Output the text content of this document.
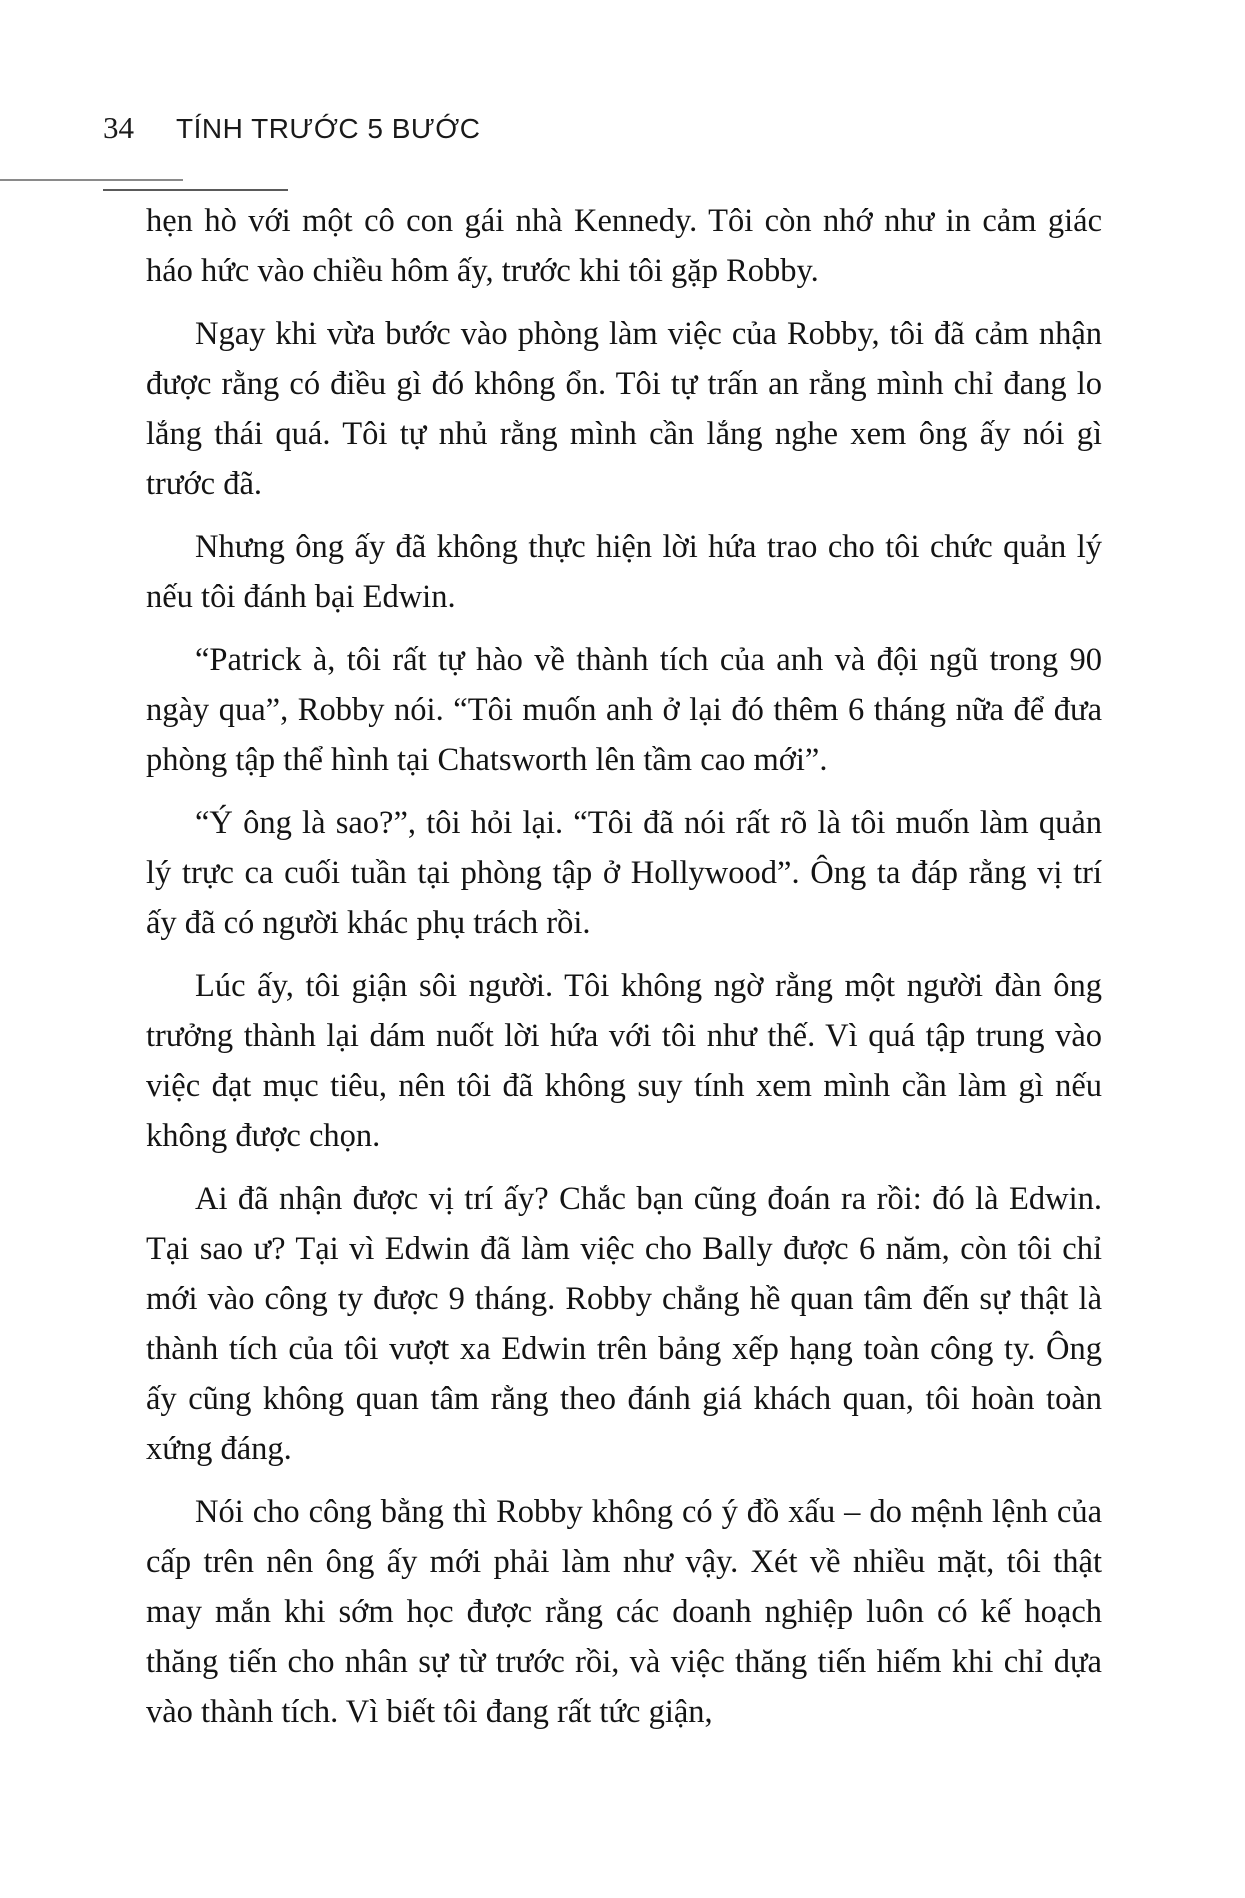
34 TÍNH TRƯỚC 5 BƯỚC

hẹn hò với một cô con gái nhà Kennedy. Tôi còn nhớ như in cảm giác háo hức vào chiều hôm ấy, trước khi tôi gặp Robby.

Ngay khi vừa bước vào phòng làm việc của Robby, tôi đã cảm nhận được rằng có điều gì đó không ổn. Tôi tự trấn an rằng mình chỉ đang lo lắng thái quá. Tôi tự nhủ rằng mình cần lắng nghe xem ông ấy nói gì trước đã.

Nhưng ông ấy đã không thực hiện lời hứa trao cho tôi chức quản lý nếu tôi đánh bại Edwin.

“Patrick à, tôi rất tự hào về thành tích của anh và đội ngũ trong 90 ngày qua”, Robby nói. “Tôi muốn anh ở lại đó thêm 6 tháng nữa để đưa phòng tập thể hình tại Chatsworth lên tầm cao mới”.

“Ý ông là sao?”, tôi hỏi lại. “Tôi đã nói rất rõ là tôi muốn làm quản lý trực ca cuối tuần tại phòng tập ở Hollywood”. Ông ta đáp rằng vị trí ấy đã có người khác phụ trách rồi.

Lúc ấy, tôi giận sôi người. Tôi không ngờ rằng một người đàn ông trưởng thành lại dám nuốt lời hứa với tôi như thế. Vì quá tập trung vào việc đạt mục tiêu, nên tôi đã không suy tính xem mình cần làm gì nếu không được chọn.

Ai đã nhận được vị trí ấy? Chắc bạn cũng đoán ra rồi: đó là Edwin. Tại sao ư? Tại vì Edwin đã làm việc cho Bally được 6 năm, còn tôi chỉ mới vào công ty được 9 tháng. Robby chẳng hề quan tâm đến sự thật là thành tích của tôi vượt xa Edwin trên bảng xếp hạng toàn công ty. Ông ấy cũng không quan tâm rằng theo đánh giá khách quan, tôi hoàn toàn xứng đáng.

Nói cho công bằng thì Robby không có ý đồ xấu – do mệnh lệnh của cấp trên nên ông ấy mới phải làm như vậy. Xét về nhiều mặt, tôi thật may mắn khi sớm học được rằng các doanh nghiệp luôn có kế hoạch thăng tiến cho nhân sự từ trước rồi, và việc thăng tiến hiếm khi chỉ dựa vào thành tích. Vì biết tôi đang rất tức giận,
